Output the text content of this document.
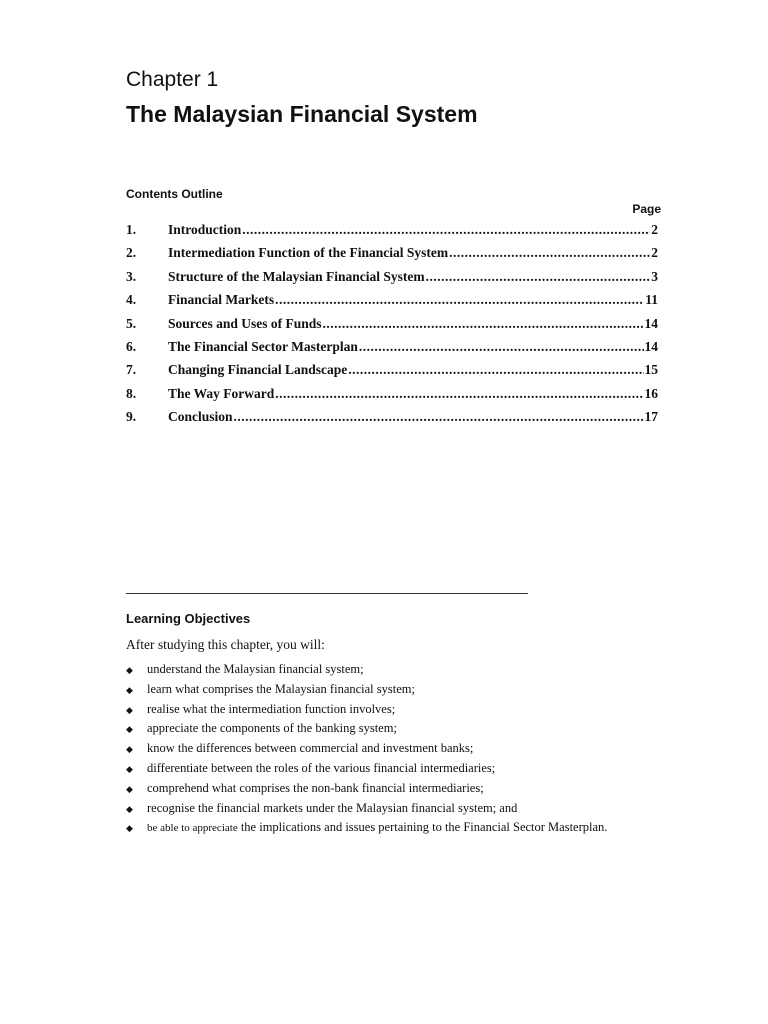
Chapter 1
The Malaysian Financial System
Contents Outline
Page
1.	Introduction .....	2
2.	Intermediation Function of the Financial System .....	2
3.	Structure of the Malaysian Financial System .....	3
4.	Financial Markets .....	11
5.	Sources and Uses of Funds .....	14
6.	The Financial Sector Masterplan .....	14
7.	Changing Financial Landscape .....	15
8.	The Way Forward .....	16
9.	Conclusion .....	17
Learning Objectives
After studying this chapter, you will:
◆	understand the Malaysian financial system;
◆	learn what comprises the Malaysian financial system;
◆	realise what the intermediation function involves;
◆	appreciate the components of the banking system;
◆	know the differences between commercial and investment banks;
◆	differentiate between the roles of the various financial intermediaries;
◆	comprehend what comprises the non-bank financial intermediaries;
◆	recognise the financial markets under the Malaysian financial system; and
◆	be able to appreciate the implications and issues pertaining to the Financial Sector Masterplan.
